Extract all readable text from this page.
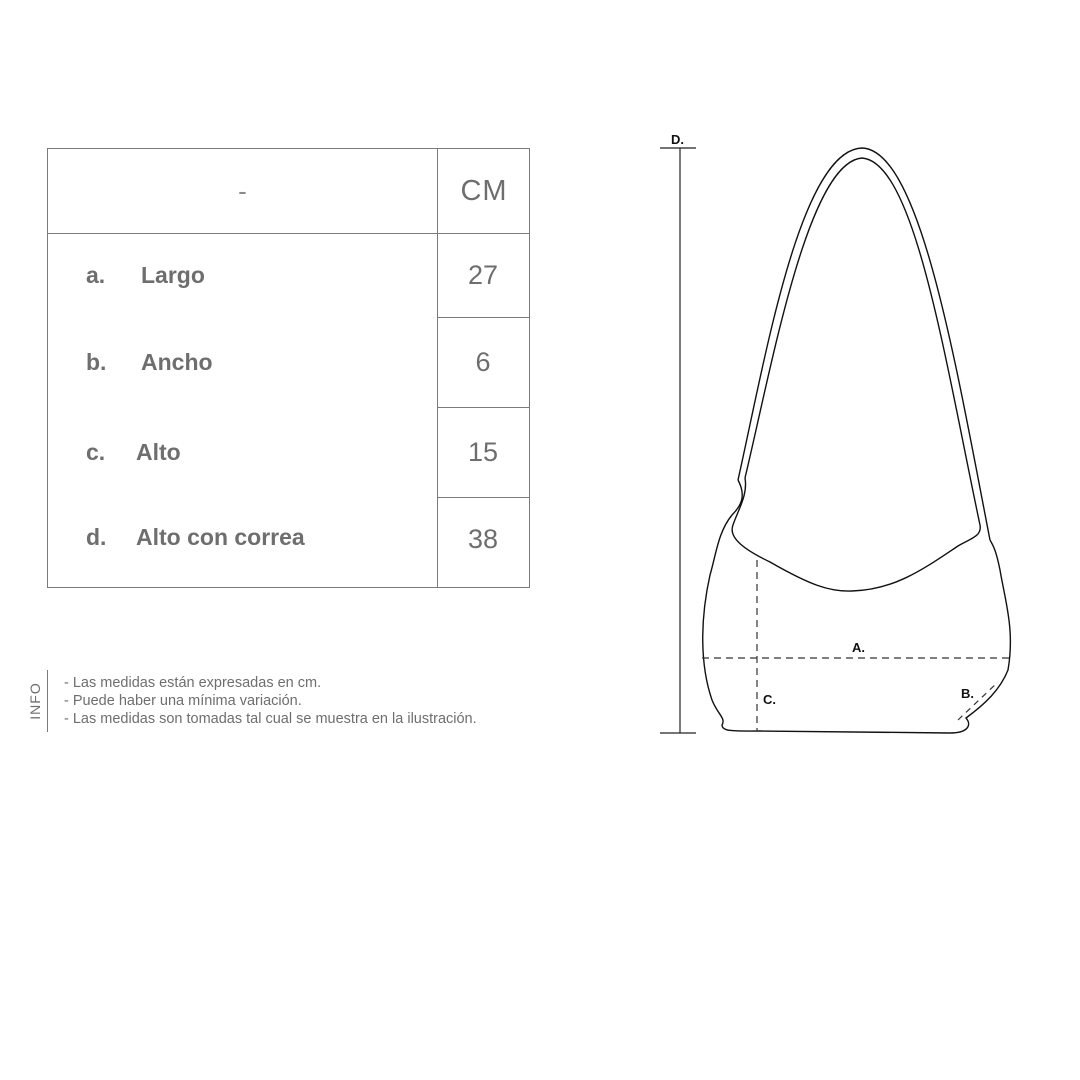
-	CM
a.	Largo	27
b.	Ancho	6
c.	Alto	15
d.	Alto con correa	38
INFO - Las medidas están expresadas en cm.
- Puede haber una mínima variación.
- Las medidas son tomadas tal cual se muestra en la ilustración.
D.
A.
C.	B.
